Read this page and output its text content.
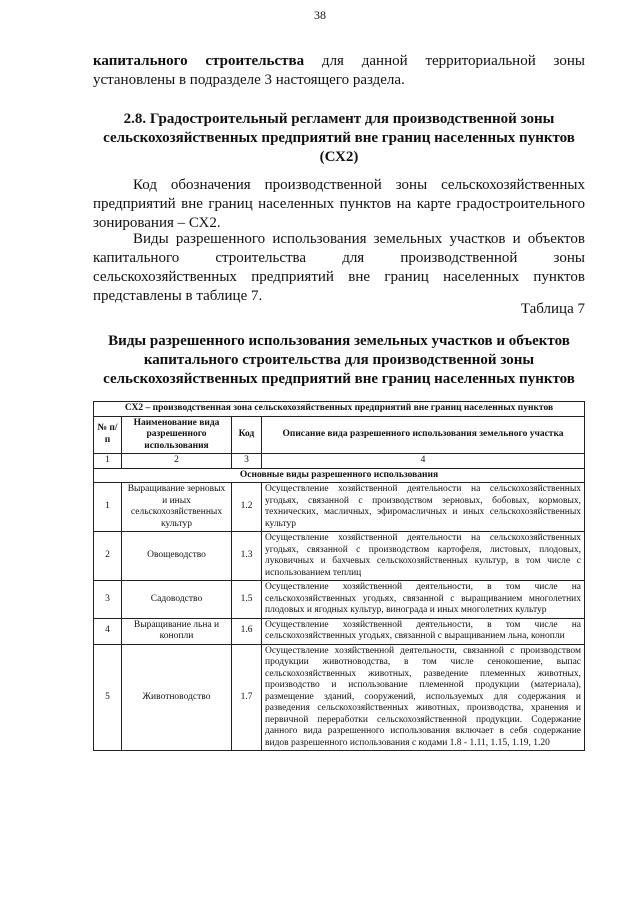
38

капитального строительства для данной территориальной зоны установлены в подразделе 3 настоящего раздела.

2.8. Градостроительный регламент для производственной зоны сельскохозяйственных предприятий вне границ населенных пунктов (СХ2)

Код обозначения производственной зоны сельскохозяйственных предприятий вне границ населенных пунктов на карте градостроительного зонирования – СХ2.

Виды разрешенного использования земельных участков и объектов капитального строительства для производственной зоны сельскохозяйственных предприятий вне границ населенных пунктов представлены в таблице 7.

Таблица 7
Виды разрешенного использования земельных участков и объектов капитального строительства для производственной зоны сельскохозяйственных предприятий вне границ населенных пунктов
СХ2 – производственная зона сельскохозяйственных предприятий вне границ населенных пунктов			
№ п/п	Наименование вида разрешенного использования	Код	Описание вида разрешенного использования земельного участка
1	2	3	4
Основные виды разрешенного использования			
1	Выращивание зерновых и иных сельскохозяйственных культур	1.2	Осуществление хозяйственной деятельности на сельскохозяйственных угодьях, связанной с производством зерновых, бобовых, кормовых, технических, масличных, эфиромасличных и иных сельскохозяйственных культур
2	Овощеводство	1.3	Осуществление хозяйственной деятельности на сельскохозяйственных угодьях, связанной с производством картофеля, листовых, плодовых, луковичных и бахчевых сельскохозяйственных культур, в том числе с использованием теплиц
3	Садоводство	1.5	Осуществление хозяйственной деятельности, в том числе на сельскохозяйственных угодьях, связанной с выращиванием многолетних плодовых и ягодных культур, винограда и иных многолетних культур
4	Выращивание льна и конопли	1.6	Осуществление хозяйственной деятельности, в том числе на сельскохозяйственных угодьях, связанной с выращиванием льна, конопли
5	Животноводство	1.7	Осуществление хозяйственной деятельности, связанной с производством продукции животноводства, в том числе сенокошение, выпас сельскохозяйственных животных, разведение племенных животных, производство и использование племенной продукции (материала), размещение зданий, сооружений, используемых для содержания и разведения сельскохозяйственных животных, производства, хранения и первичной переработки сельскохозяйственной продукции. Содержание данного вида разрешенного использования включает в себя содержание видов разрешенного использования с кодами 1.8 - 1.11, 1.15, 1.19, 1.20
